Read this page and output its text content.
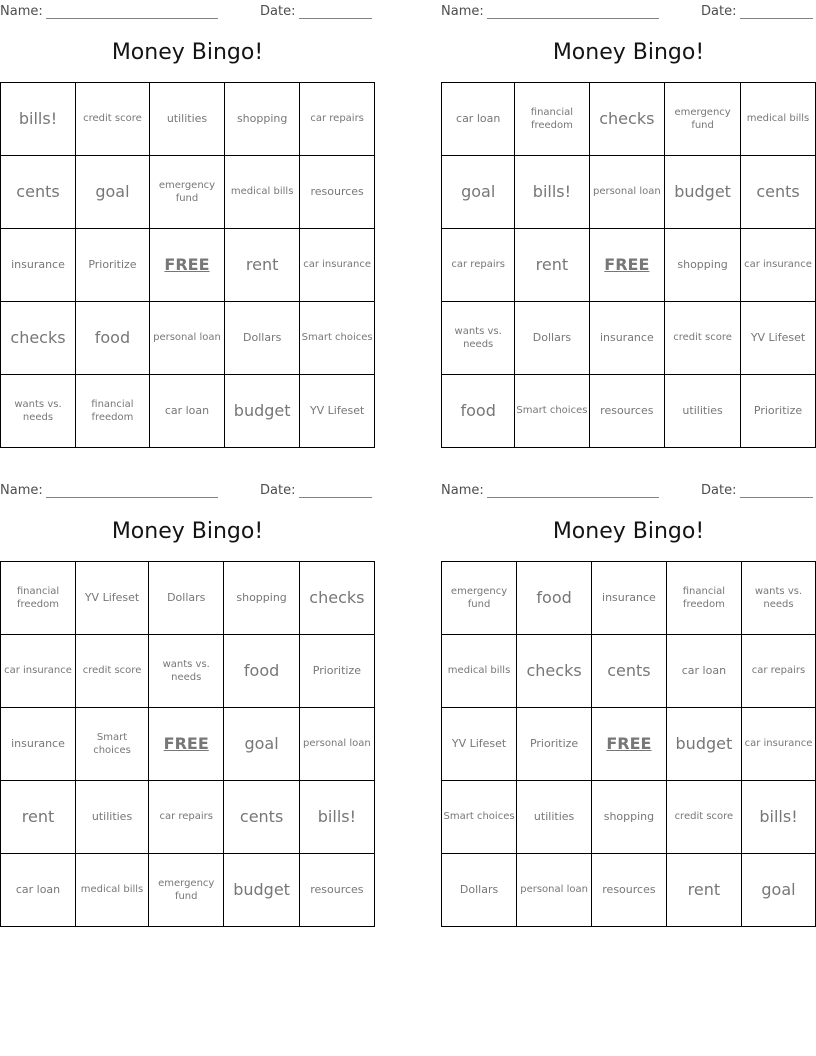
Name:	Date:
Money Bingo!
bills!	credit score	utilities	shopping	car repairs
cents	goal	emergency fund	medical bills	resources
insurance	Prioritize	FREE	rent	car insurance
checks	food	personal loan	Dollars	Smart choices
wants vs. needs	financial freedom	car loan	budget	YV Lifeset
Name:	Date:
Money Bingo!
car loan	financial freedom	checks	emergency fund	medical bills
goal	bills!	personal loan	budget	cents
car repairs	rent	FREE	shopping	car insurance
wants vs. needs	Dollars	insurance	credit score	YV Lifeset
food	Smart choices	resources	utilities	Prioritize
Name:	Date:
Money Bingo!
financial freedom	YV Lifeset	Dollars	shopping	checks
car insurance	credit score	wants vs. needs	food	Prioritize
insurance	Smart choices	FREE	goal	personal loan
rent	utilities	car repairs	cents	bills!
car loan	medical bills	emergency fund	budget	resources
Name:	Date:
Money Bingo!
emergency fund	food	insurance	financial freedom	wants vs. needs
medical bills	checks	cents	car loan	car repairs
YV Lifeset	Prioritize	FREE	budget	car insurance
Smart choices	utilities	shopping	credit score	bills!
Dollars	personal loan	resources	rent	goal
